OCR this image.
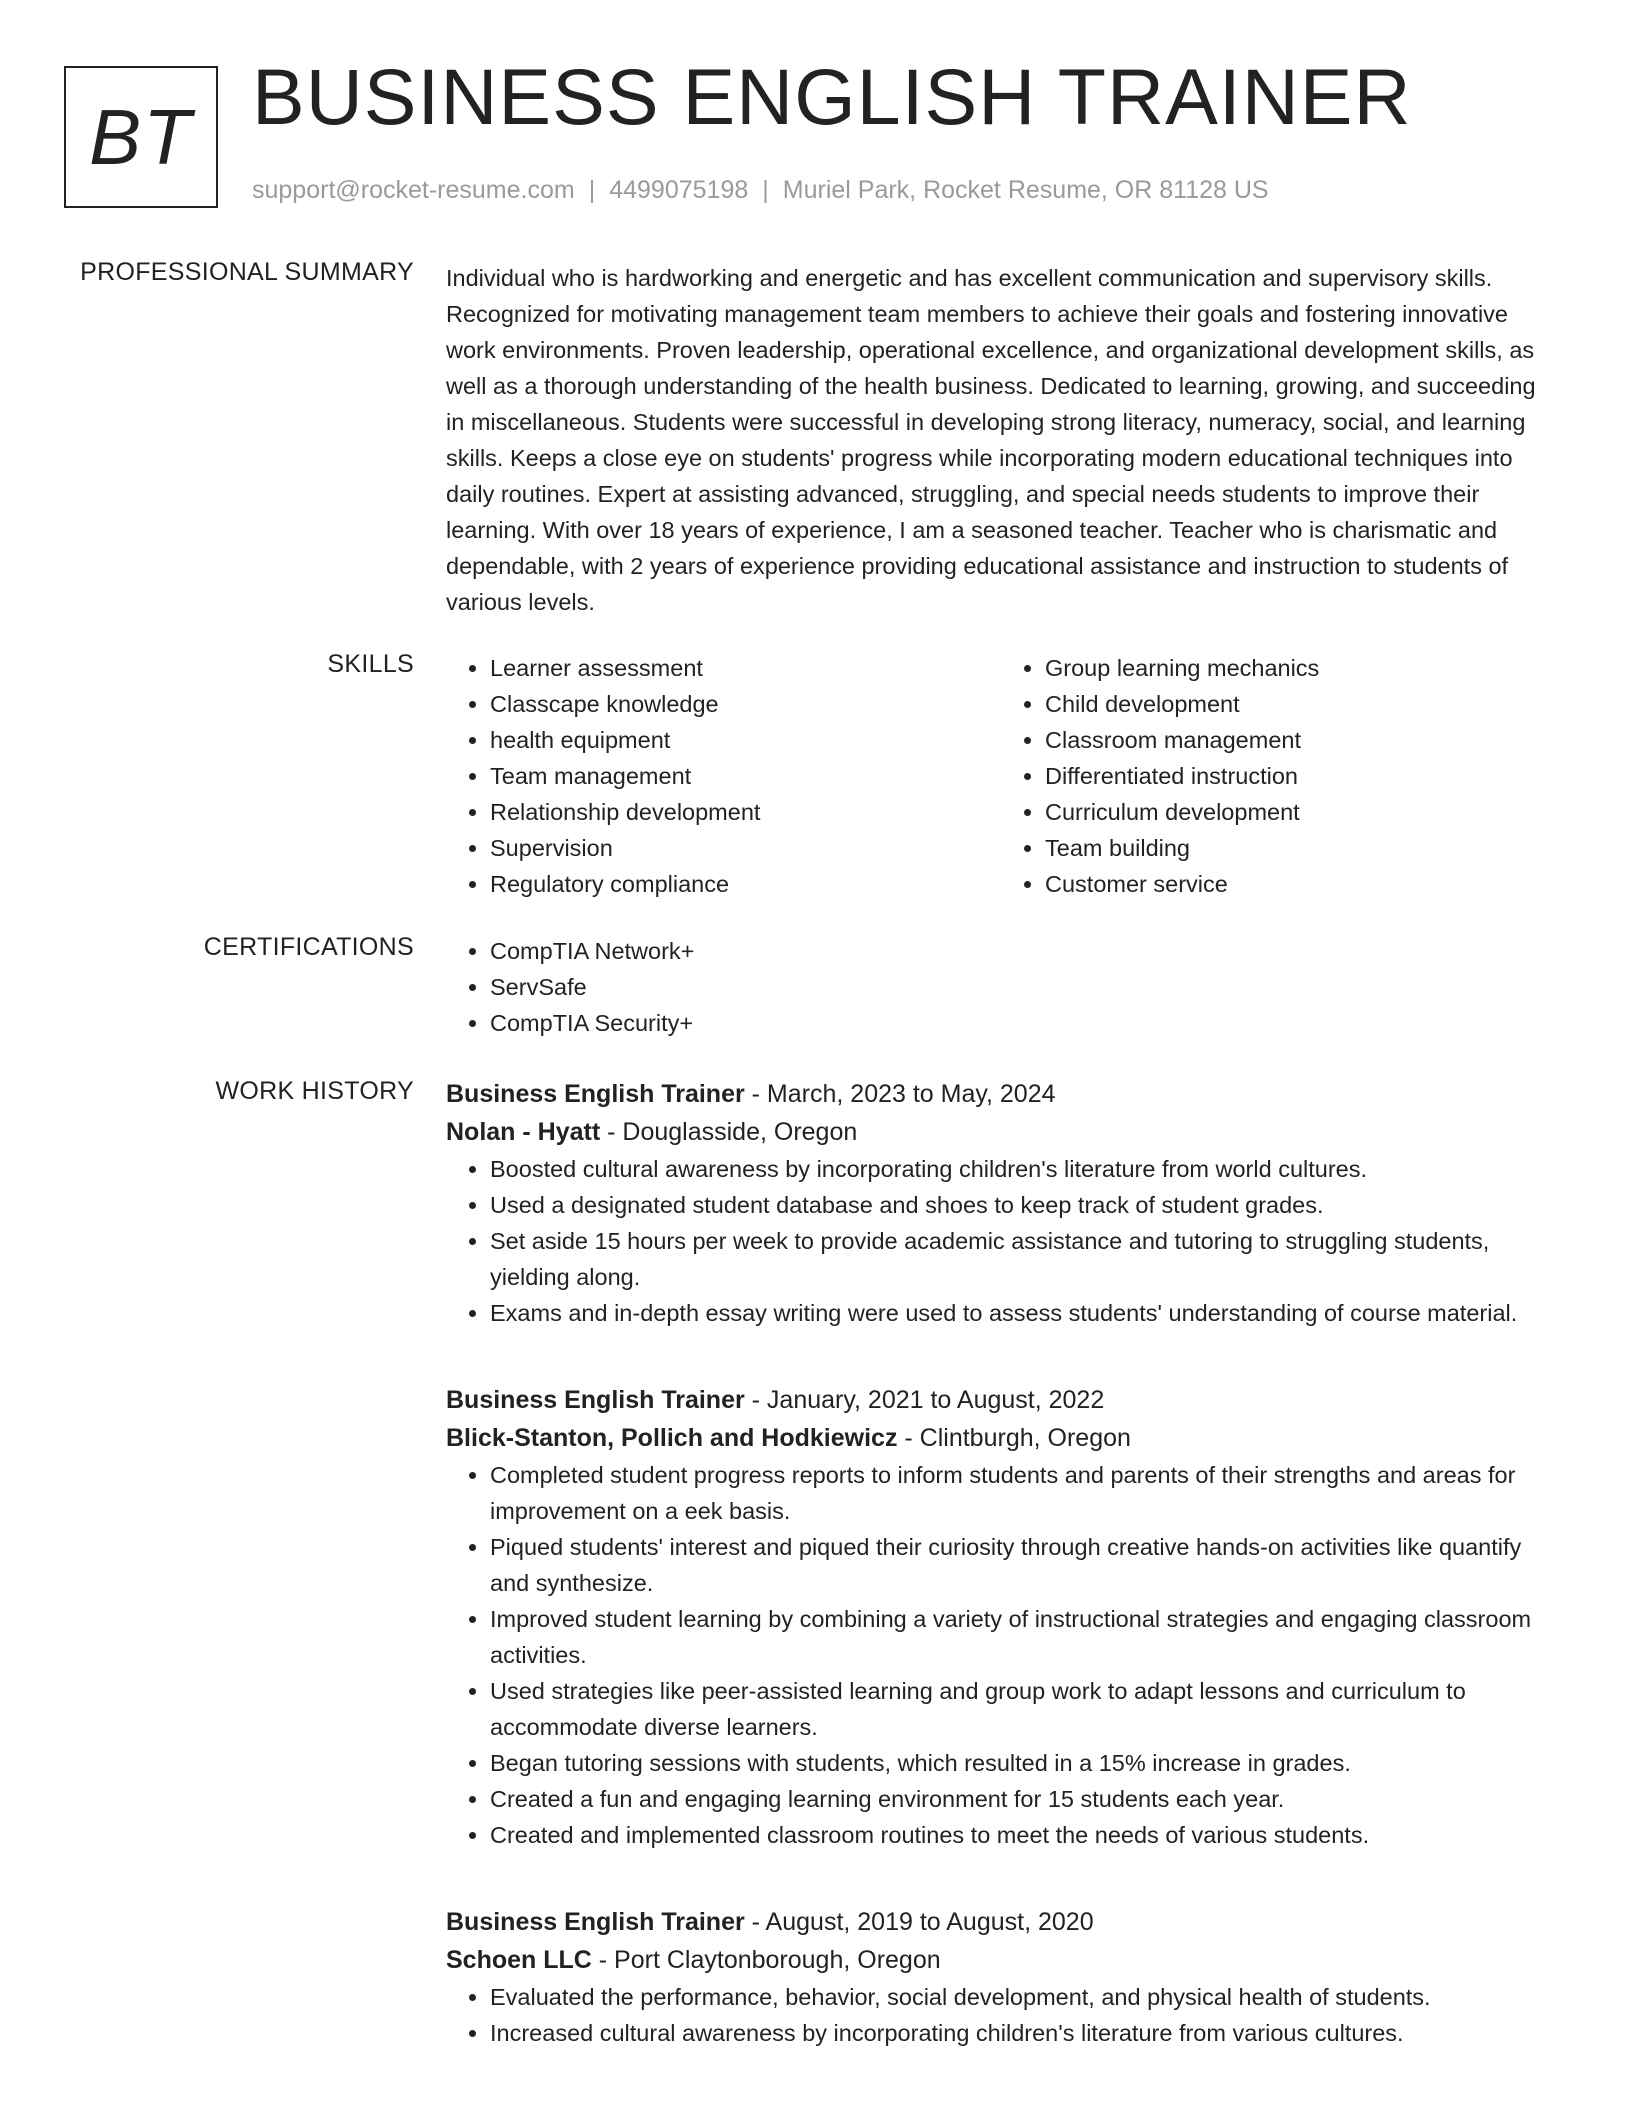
BT BUSINESS ENGLISH TRAINER
support@rocket-resume.com | 4499075198 | Muriel Park, Rocket Resume, OR 81128 US
PROFESSIONAL SUMMARY Individual who is hardworking and energetic and has excellent communication and supervisory skills. Recognized for motivating management team members to achieve their goals and fostering innovative work environments. Proven leadership, operational excellence, and organizational development skills, as well as a thorough understanding of the health business. Dedicated to learning, growing, and succeeding in miscellaneous. Students were successful in developing strong literacy, numeracy, social, and learning skills. Keeps a close eye on students' progress while incorporating modern educational techniques into daily routines. Expert at assisting advanced, struggling, and special needs students to improve their learning. With over 18 years of experience, I am a seasoned teacher. Teacher who is charismatic and dependable, with 2 years of experience providing educational assistance and instruction to students of various levels.
SKILLS	• Learner assessment
• Classcape knowledge
• health equipment
• Team management
• Relationship development
• Supervision
• Regulatory compliance
• Group learning mechanics
• Child development
• Classroom management
• Differentiated instruction
• Curriculum development
• Team building
• Customer service
CERTIFICATIONS	• CompTIA Network+
• ServSafe
• CompTIA Security+
WORK HISTORY Business English Trainer - March, 2023 to May, 2024
Nolan - Hyatt - Douglasside, Oregon
• Boosted cultural awareness by incorporating children's literature from world cultures.
• Used a designated student database and shoes to keep track of student grades.
• Set aside 15 hours per week to provide academic assistance and tutoring to struggling students, yielding along.
• Exams and in-depth essay writing were used to assess students' understanding of course material.
Business English Trainer - January, 2021 to August, 2022
Blick-Stanton, Pollich and Hodkiewicz - Clintburgh, Oregon
• Completed student progress reports to inform students and parents of their strengths and areas for improvement on a eek basis.
• Piqued students' interest and piqued their curiosity through creative hands-on activities like quantify and synthesize.
• Improved student learning by combining a variety of instructional strategies and engaging classroom activities.
• Used strategies like peer-assisted learning and group work to adapt lessons and curriculum to accommodate diverse learners.
• Began tutoring sessions with students, which resulted in a 15% increase in grades.
• Created a fun and engaging learning environment for 15 students each year.
• Created and implemented classroom routines to meet the needs of various students.
Business English Trainer - August, 2019 to August, 2020
Schoen LLC - Port Claytonborough, Oregon
• Evaluated the performance, behavior, social development, and physical health of students.
• Increased cultural awareness by incorporating children's literature from various cultures.
